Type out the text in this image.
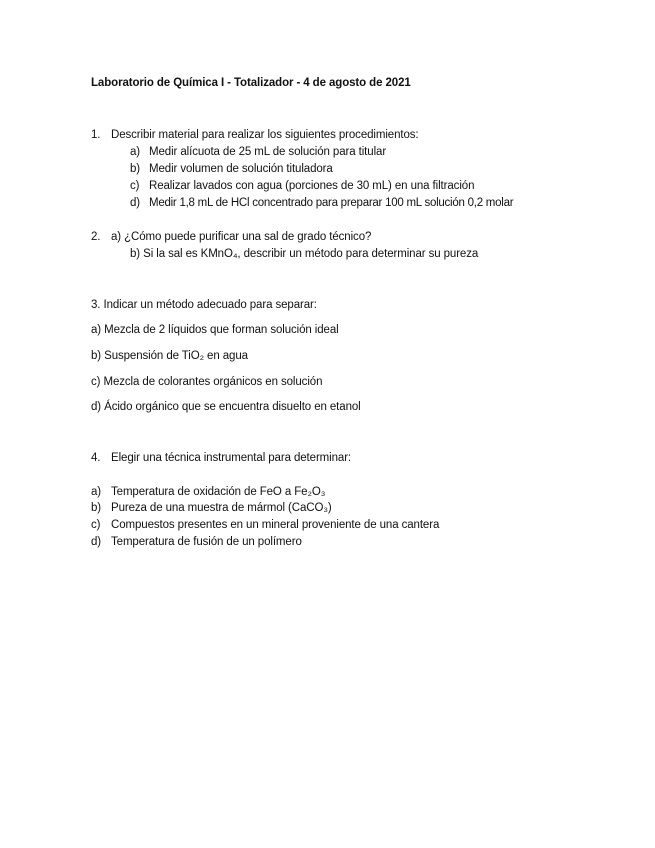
Laboratorio de Química I - Totalizador - 4 de agosto de 2021
1. Describir material para realizar los siguientes procedimientos:
a) Medir alícuota de 25 mL de solución para titular
b) Medir volumen de solución tituladora
c) Realizar lavados con agua (porciones de 30 mL) en una filtración
d) Medir 1,8 mL de HCl concentrado para preparar 100 mL solución 0,2 molar
2. a) ¿Cómo puede purificar una sal de grado técnico?
b) Si la sal es KMnO₄, describir un método para determinar su pureza
3. Indicar un método adecuado para separar:
a) Mezcla de 2 líquidos que forman solución ideal
b) Suspensión de TiO₂ en agua
c) Mezcla de colorantes orgánicos en solución
d) Ácido orgánico que se encuentra disuelto en etanol
4. Elegir una técnica instrumental para determinar:
a) Temperatura de oxidación de FeO a Fe₂O₃
b) Pureza de una muestra de mármol (CaCO₃)
c) Compuestos presentes en un mineral proveniente de una cantera
d) Temperatura de fusión de un polímero
